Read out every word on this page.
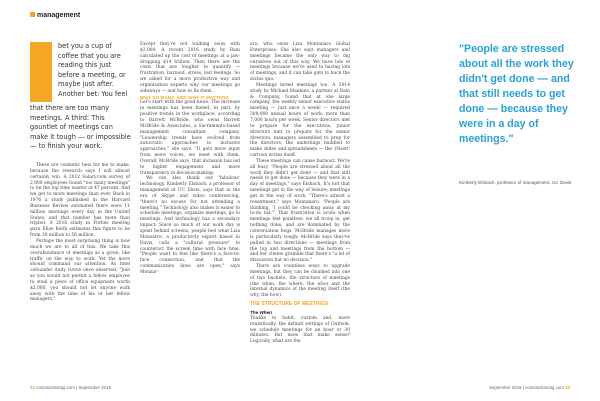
management
bet you a cup of coffee that you are reading this just before a meeting, or maybe just after. Another bet: You feel
that there are too many meetings. A third: This gauntlet of meetings can make it tough — or impossible — to finish your work.

These are cosmetic bets for me to make, because the research says I will almost certainly win. A 2012 Salary.com survey of 2,000 employees found "too many meetings" to be the top time waster at 47 percent. And we get to more meetings than ever. Back in 1976 a study published in the Harvard Business Review estimated there were 11 million meetings every day in the United States, and that number has more than tripled. A 2016 study in Forbes meeting guru Elise Keith estimates this figure to be from 36 million to 56 million.

Perhaps the most surprising thing is how much we are to all of this. We take this overabundance of meetings as a given, like traffic on the way to work. Yet the more should command our attention. As Intel cofounder Andy Grove once observed, "Just as you would not permit a fellow employee to steal a piece of office equipment worth $2,000, you should not let anyone walk away with the time of his or her fellow managers."

Except they're not walking away with $2,000. A recent 2016 study by Bain calculated up the cost of meetings at a jaw-dropping $14 trillion. Then there are the costs that are tougher to quantify — frustration, burnout, stress, lost feelings. So we asked for a more productive way and organization experts why our meetings go sideways — and how to fix them.

WHY SO MANY, AND WHY IT MATTERS

Let's start with the good news: The increase in meetings has been fueled, in part, by positive trends in the workplace, according to Barrett McBride, who owns Barrett McBride & Associates, a Sacramento-based management consultant company. "Leadership trends have evolved from autocratic approaches to inclusive approaches," she says. "It gets more input from more voices, we meet with them. Overall, McBride says, that inclusion has led to higher engagement and more transparency in decision-making.

We can also thank our 'fabulous' technology. Kimberly Elsbach, a professor of management at UC Davis, says that in the era of Skype and video conferencing, "there's no excuse for not attending a meeting." Technology also makes it easier to schedule meetings, organize meetings, go to meetings. And technology has a secondary impact: Since so much of our work day is spent behind screens, people feel what Lisa Monzarre, a productivity expert based in Davis, calls a "cultural pressure" to counteract the screen time with face time. "People want to feel like there's a face-to-face connection, and that the communication lines are open," says Monzar-

aro, who owns Lisa Montanaro Global Enterprises. She also says managers and meetings became the only way to dig ourselves out of this way. We have lots of meetings because we're used to having lots of meetings, and it can take guts to buck the status quo.

Meetings breed meetings too. A 2014 study by Michael Mankins, a partner at Bain & Company, found that at one large company, the weekly senior executive status meeting — just once a week! — required 300,000 annual hours of work: more than 7,000 hours per week. Senior directors met to prepare for the executives, junior directors met to prepare for the senior directors, managers assembled to prep for the directors, the underlings huddled to make slides and spreadsheets — the 'iNsert' cartoon writes itself.

These meetings can cause burnout. We're all busy. "People are stressed about all the work they didn't get done — and that still needs to get done — because they were in a day of meetings," says Elsbach. It's not that meetings get in the way of leisure; meetings get in the way of work. "There's almost a resentment," says Montanaro. "People are thinking, 'I could be checking away at my to-do list.'" That frustration is acute when meetings feel pointless; we all troop in, get nothing done, and are dominated by the conversation hogs. McBride manages more is particularly tough; McBride says they've pulled in two directions — meetings from the top and meetings from the bottom — and her clients grumble that there's "a lot of discussion but no decision."

There are countless ways to upgrade meetings, but they can be chunked into one of two buckets: the structure of meetings (the when, the where, the who) and the internal dynamics of the meeting itself (the why, the how).

THE STRUCTURE OF MEETINGS
The When

Thanks to habit, custom and, more realistically, the default settings of Outlook, we schedule meetings for an hour or 30 minutes. But does that make sense? Logically, what are the

"People are stressed about all the work they didn't get done — and that still needs to get done — because they were in a day of meetings."
Kimberly Elsbach, professor of management, UC Davis
32 comstocksmag.com | September 2019	September 2019 | comstocksmag.com 33
